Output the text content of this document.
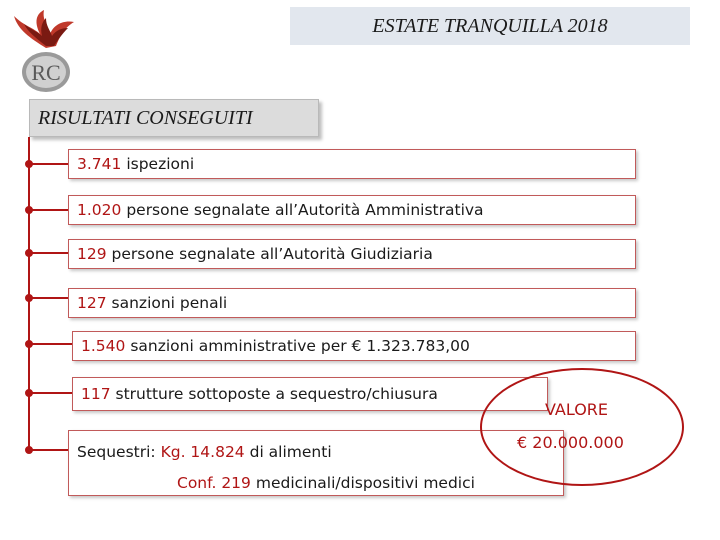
RC
ESTATE TRANQUILLA 2018
RISULTATI CONSEGUITI
3.741
ispezioni
1.020
persone segnalate all’Autorità Amministrativa
129
persone segnalate all’Autorità Giudiziaria
127
sanzioni penali
1.540
sanzioni amministrative per € 1.323.783,00
117
strutture sottoposte a sequestro/chiusura
Sequestri: Kg. 14.824 di alimenti
Conf. 219 medicinali/dispositivi medici
VALORE
€ 20.000.000
